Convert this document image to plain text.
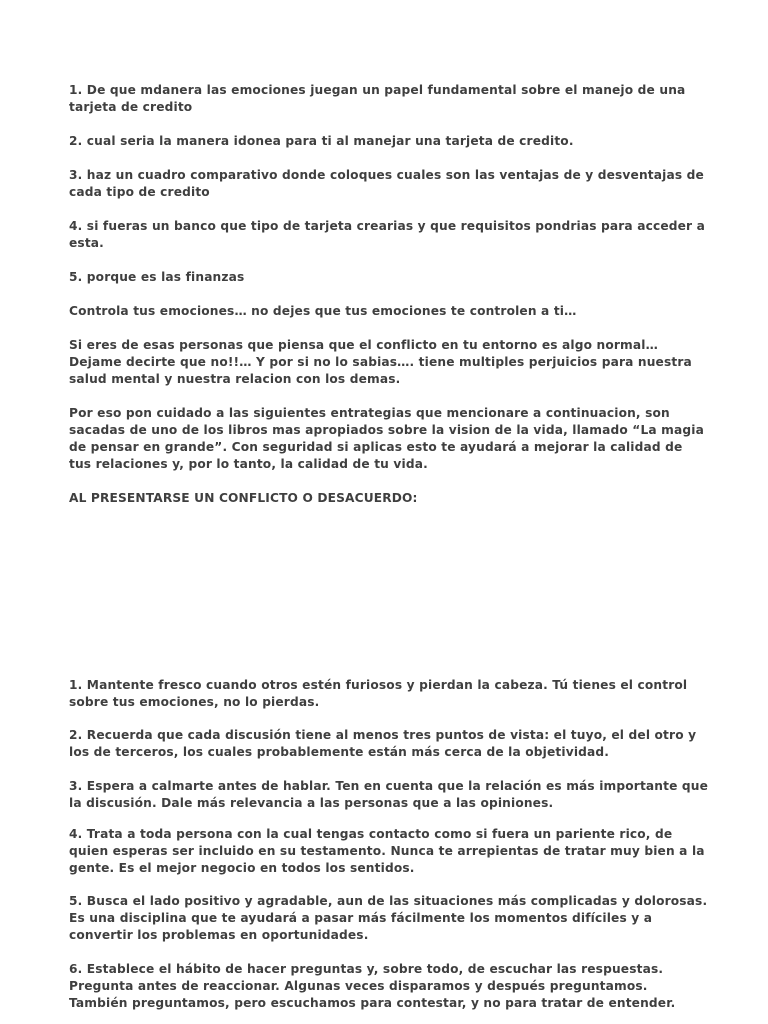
1. De que mdanera las emociones juegan un papel fundamental sobre el manejo de una tarjeta de credito

2. cual seria la manera idonea para ti al manejar una tarjeta de credito.

3. haz un cuadro comparativo donde coloques cuales son las ventajas de y desventajas de cada tipo de credito

4. si fueras un banco que tipo de tarjeta crearias y que requisitos pondrias para acceder a esta.

5. porque es las finanzas

Controla tus emociones… no dejes que tus emociones te controlen a ti…

Si eres de esas personas que piensa que el conflicto en tu entorno es algo normal… Dejame decirte que no!!… Y por si no lo sabias…. tiene multiples perjuicios para nuestra salud mental y nuestra relacion con los demas.

Por eso pon cuidado a las siguientes entrategias que mencionare a continuacion, son sacadas de uno de los libros mas apropiados sobre la vision de la vida, llamado “La magia de pensar en grande”. Con seguridad si aplicas esto te ayudará a mejorar la calidad de tus relaciones y, por lo tanto, la calidad de tu vida.

AL PRESENTARSE UN CONFLICTO O DESACUERDO:

1. Mantente fresco cuando otros estén furiosos y pierdan la cabeza. Tú tienes el control sobre tus emociones, no lo pierdas.

2. Recuerda que cada discusión tiene al menos tres puntos de vista: el tuyo, el del otro y los de terceros, los cuales probablemente están más cerca de la objetividad.

3. Espera a calmarte antes de hablar. Ten en cuenta que la relación es más importante que la discusión. Dale más relevancia a las personas que a las opiniones.

4. Trata a toda persona con la cual tengas contacto como si fuera un pariente rico, de quien esperas ser incluido en su testamento. Nunca te arrepientas de tratar muy bien a la gente. Es el mejor negocio en todos los sentidos.

5. Busca el lado positivo y agradable, aun de las situaciones más complicadas y dolorosas. Es una disciplina que te ayudará a pasar más fácilmente los momentos difíciles y a convertir los problemas en oportunidades.

6. Establece el hábito de hacer preguntas y, sobre todo, de escuchar las respuestas. Pregunta antes de reaccionar. Algunas veces disparamos y después preguntamos. También preguntamos, pero escuchamos para contestar, y no para tratar de entender.
